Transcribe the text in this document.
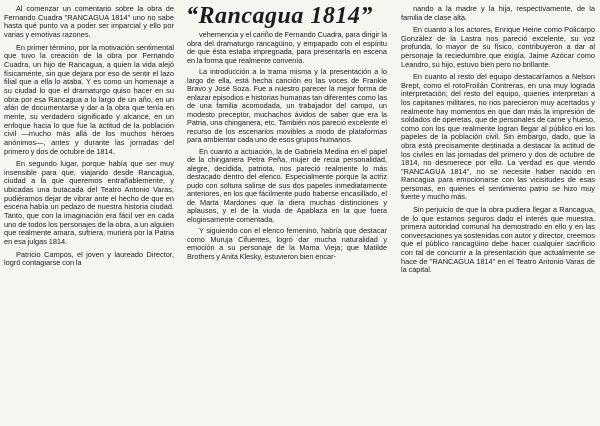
“Rancagua 1814”

Al comenzar un comentario sobre la obra de Fernando Cuadra "RANCAGUA 1814" uno no sabe hasta qué punto va a poder ser imparcial y ello por varias y emotivas razones.

En primer término, por la motivación sentimental que tuvo la creación de la obra por Fernando Cuadra, un hijo de Rancagua, a quien la vida alejó físicamente, sin que dejara por eso de sentir el lazo filial que a ella lo ataba. Y es como un homenaje a su ciudad lo que el dramaturgo quiso hacer en su obra por esa Rancagua a lo largo de un año, en un afán de documentarse y dar a la obra que tenía en mente, su verdadero significado y alcance, en un enfoque hacia lo que fue la actitud de la población civil —mucho más allá de los muchos héroes anónimos—, antes y durante las jornadas del primero y dos de octubre de 1814.

En segundo lugar, porque había que ser muy insensible para que, viajando desde Rancagua, ciudad a la que queremos entrañablemente, y ubicadas una butacada del Teatro Antonio Varas, pudiéramos dejar de vibrar ante el hecho de que en escena había un pedazo de nuestra historia ciudad. Tanto, que con la imaginación era fácil ver en cada uno de todos los personajes de la obra, a un alguien que realmente amara, sufriera, muriera por la Patria en esa julgas 1814.

Patricio Campos, el joven y laureado Director, logró contagiarse con la

vehemencia y el cariño de Fernando Cuadra, para dirigir la obra del dramaturgo rancagüino, y empapado con el espíritu de que ésta estaba impregnada, para presentarla en escena en la forma que realmente convenía.

La introducción a la trama misma y la presentación a lo largo de ella, está hecha canción en las voces de Frankie Bravo y José Soza. Fue a nuestro parecer la mejor forma de enlazar episodios e historias humanas tan diferentes como las de una familia acomodada, un trabajador del campo, un modesto preceptor, muchachos ávidos de saber que era la Patria, una chinganera, etc. También nos pareció excelente el recurso de los escenarios movibles a modo de plataformas para ambientar cada uno de esos grupos humanos.

En cuanto a actuación, la de Gabriela Medina en el papel de la chinganera Petra Peña, mujer de recia personalidad, alegre, decidida, patriota, nos pareció realmente lo más destacado dentro del elenco. Especialmente porque la actriz pudo con soltura salirse de sus dos papeles inmediatamente anteriores, en los que fácilmente pudo haberse encasillado, el de Marta Mardones que la diera muchas distinciones y aplausos, y el de la viuda de Apablaza en la que fuera elogiosamente comentada.

Y siguiendo con el elenco femenino, habría que destacar como Muruja Cifuentes, logró dar mucha naturalidad y emoción a su personaje de la Mama Vieja; que Matilde Brothers y Anita Klesky, estuvieron bien encar-

nando a la madre y la hija, respectivamente, de la familia de clase alta.

En cuanto a los actores, Enrique Heine como Policarpo González de la Lastra nos pareció excelente, su voz profunda, lo mayor de su físico, contribuyeron a dar al personaje la reciedumbre que exigía. Jaime Azócar como Leandro, su hijo, estuvo bien pero no brillante.

En cuanto al resto del equipo destacaríamos a Nelson Brept, como el rotoFroilán Contreras, en una muy lograda interpretación; del resto del equipo, quienes interpretan a los capitanes militares, no nos parecieron muy acertados y realmente hay momentos en que dan más la impresión de soldados de operetas, que de personales de carne y hueso, como con los que realmente logran llegar al público en los papeles de la población civil. Sin embargo, dado, que la obra está precisamente destinada a destacar la actitud de los civiles en las jornadas del primero y dos de octubre de 1814, no desmerece por ello. La verdad es que viendo "RANCAGUA 1814", no se necesite haber nacido en Rancagua para emocionarse con las vicisitudes de esas personas, en quienes el sentimiento patrio se hizo muy fuerte y mucho más.

Sin perjuicio de que la obra pudiera llegar a Rancagua, de lo que estamos seguros dado el interés que muestra, primera autoridad comunal ha demostrado en ello y en las conversaciones ya sostenidas con autor y director, creemos que el público rancagüino debe hacer cualquier sacrificio con tal de concurrir a la presentación que actualmente se hace de "RANCAGUA 1814" en el Teatro Antonio Varas de la capital.
